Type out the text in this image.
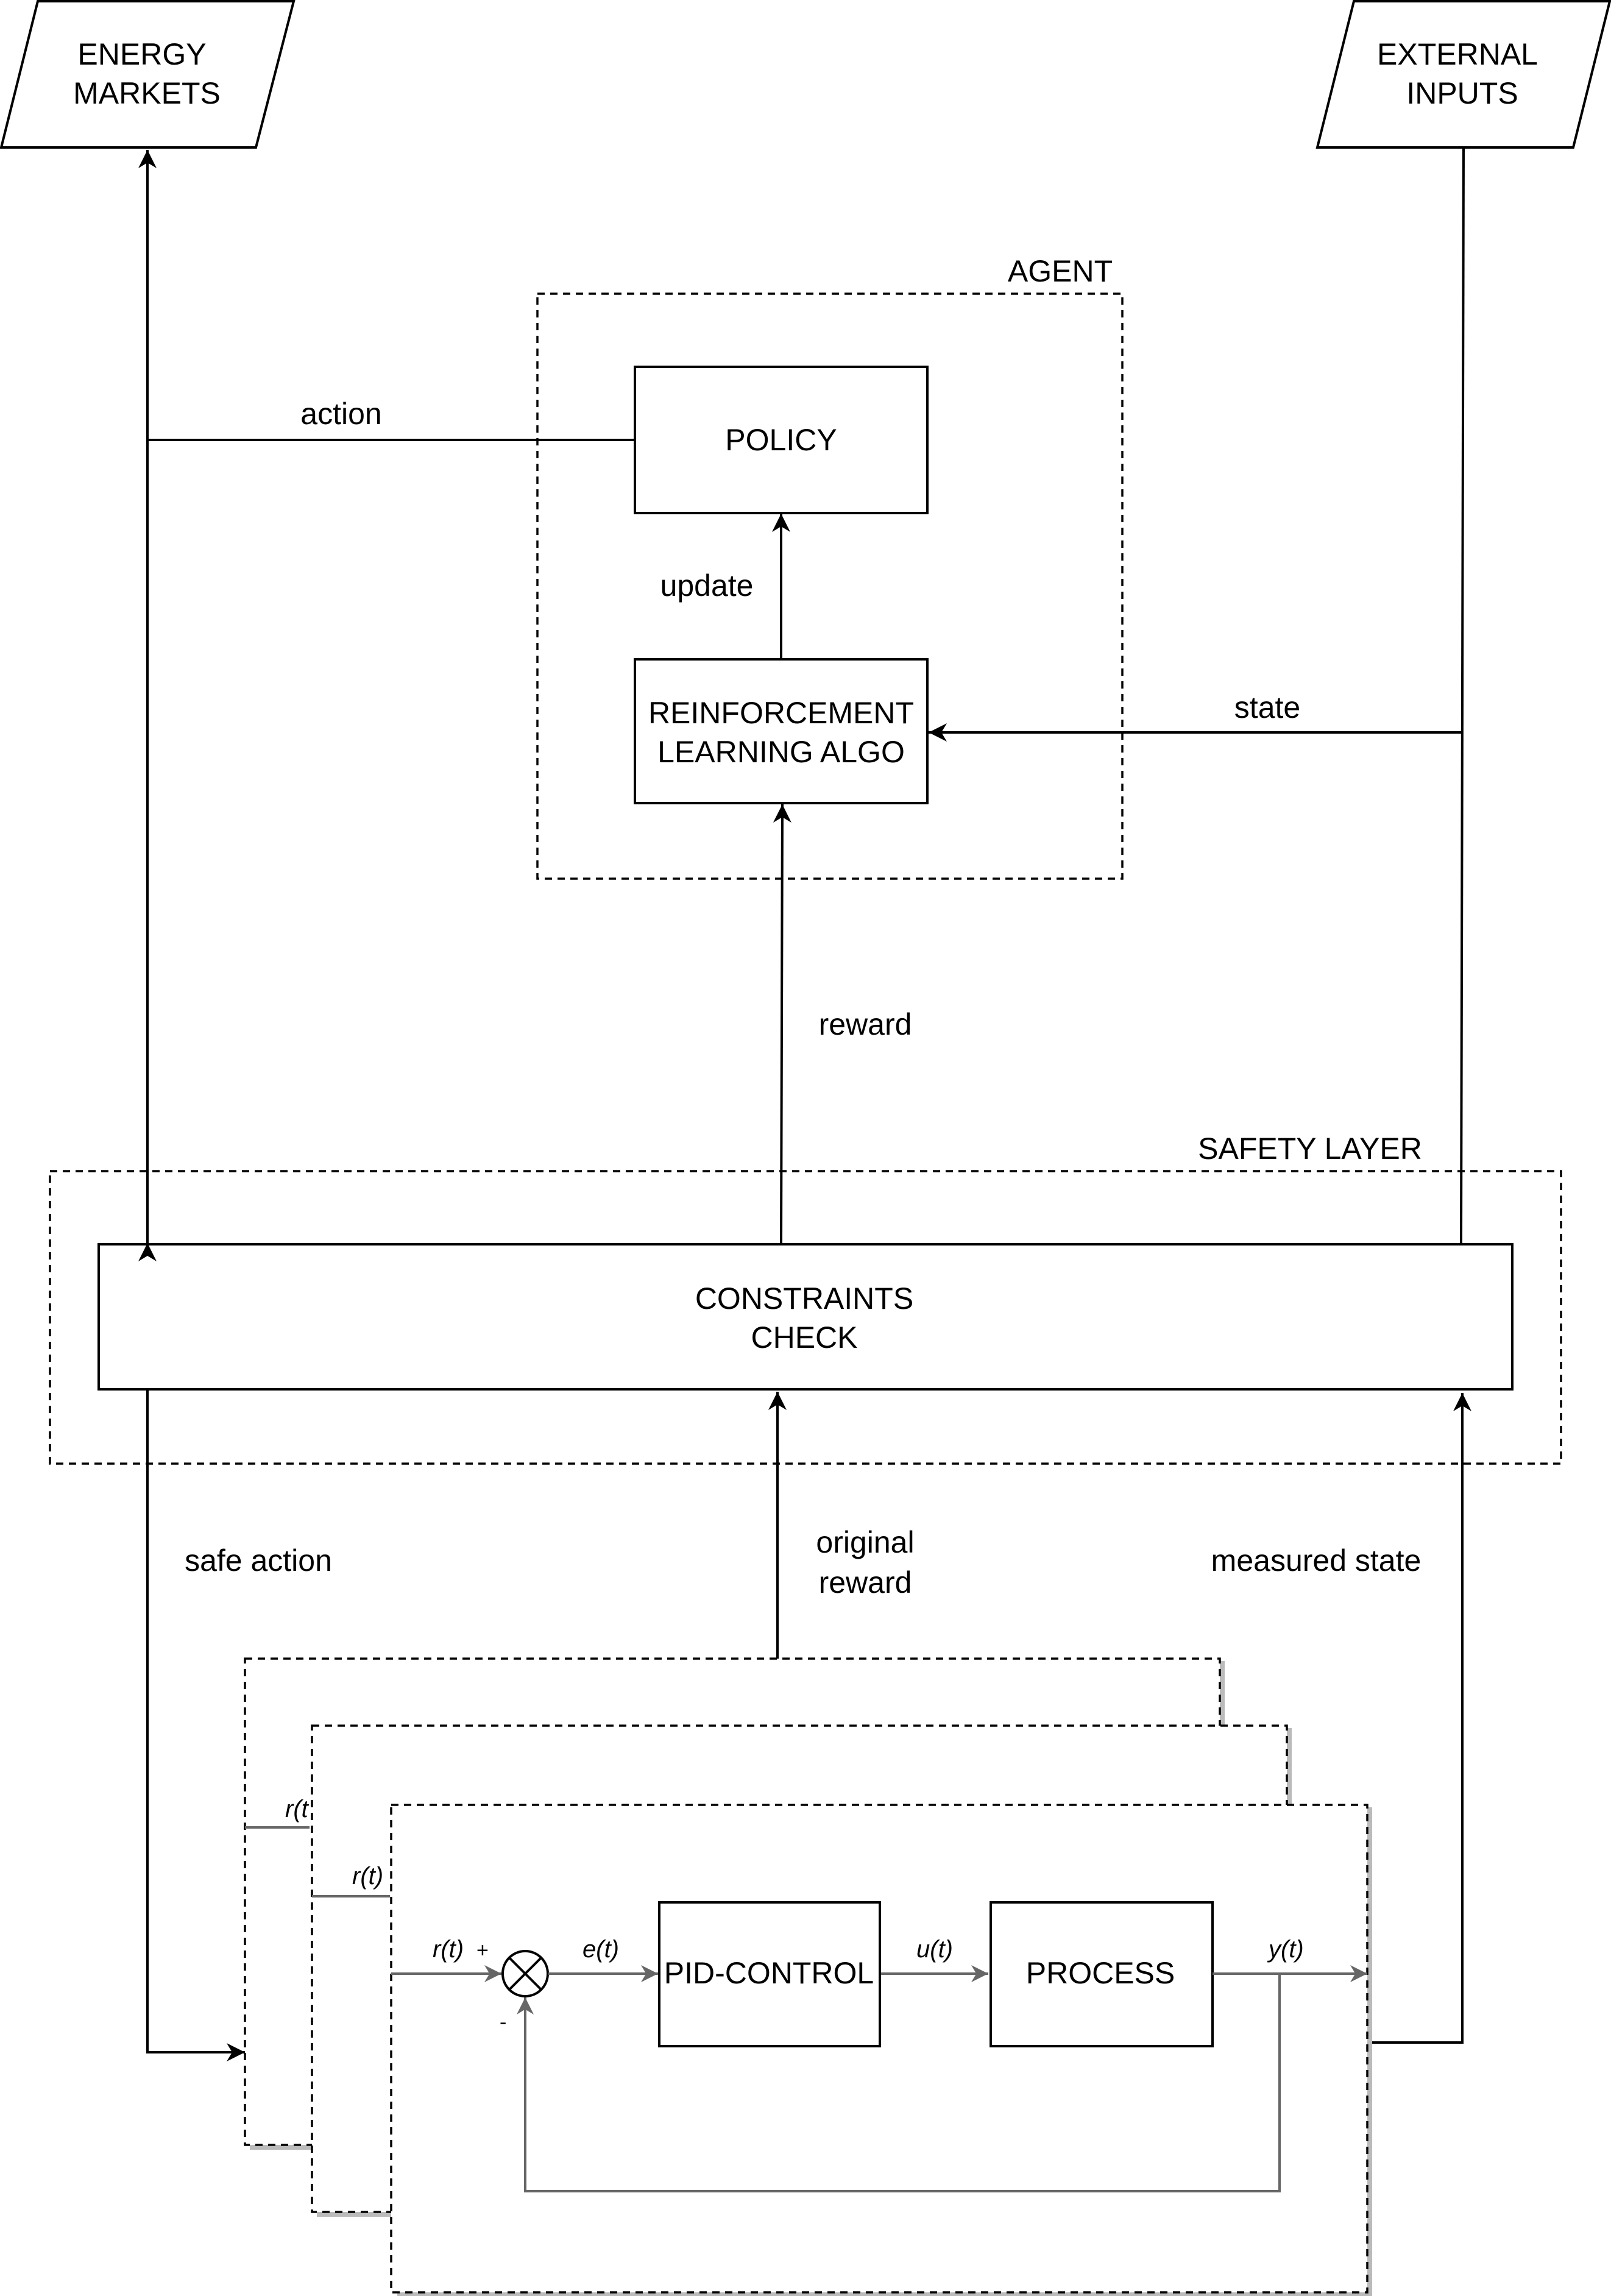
ENERGY
MARKETS
EXTERNAL
INPUTS
AGENT
POLICY
REINFORCEMENT
LEARNING ALGO
SAFETY LAYER
CONSTRAINTS
CHECK
action
update
state
reward
safe action
original
reward
measured state
r(t
r(t)
r(t) +
-
e(t)
PID-CONTROL
u(t)
PROCESS
y(t)
